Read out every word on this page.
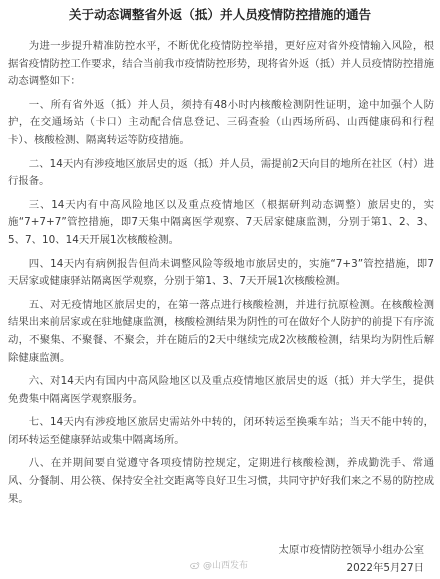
关于动态调整省外返（抵）并人员疫情防控措施的通告

为进一步提升精准防控水平，不断优化疫情防控举措，更好应对省外疫情输入风险，根据省疫情防控工作要求，结合当前我市疫情防控形势，现将省外返（抵）并人员疫情防控措施动态调整如下：

一、所有省外返（抵）并人员，须持有48小时内核酸检测阴性证明，途中加强个人防护，在交通场站（卡口）主动配合信息登记、三码查验（山西场所码、山西健康码和行程卡）、核酸检测、隔离转运等防疫措施。

二、14天内有涉疫地区旅居史的返（抵）并人员，需提前2天向目的地所在社区（村）进行报备。

三、14天内有中高风险地区以及重点疫情地区（根据研判动态调整）旅居史的，实施“7+7+7”管控措施，即7天集中隔离医学观察、7天居家健康监测，分别于第1、2、3、5、7、10、14天开展1次核酸检测。

四、14天内有病例报告但尚未调整风险等级地市旅居史的，实施“7+3”管控措施，即7天居家或健康驿站隔离医学观察，分别于第1、3、7天开展1次核酸检测。

五、对无疫情地区旅居史的，在第一落点进行核酸检测，并进行抗原检测。在核酸检测结果出来前居家或在驻地健康监测，核酸检测结果为阴性的可在做好个人防护的前提下有序流动，不聚集、不聚餐、不聚会，并在随后的2天中继续完成2次核酸检测，结果均为阴性后解除健康监测。

六、对14天内有国内中高风险地区以及重点疫情地区旅居史的返（抵）并大学生，提供免费集中隔离医学观察服务。

七、14天内有涉疫地区旅居史需站外中转的，闭环转运至换乘车站；当天不能中转的，闭环转运至健康驿站或集中隔离场所。

八、在并期间要自觉遵守各项疫情防控规定，定期进行核酸检测，养成勤洗手、常通风、分餐制、用公筷、保持安全社交距离等良好卫生习惯，共同守护好我们来之不易的防控成果。

@山西发布
太原市疫情防控领导小组办公室
2022年5月27日
